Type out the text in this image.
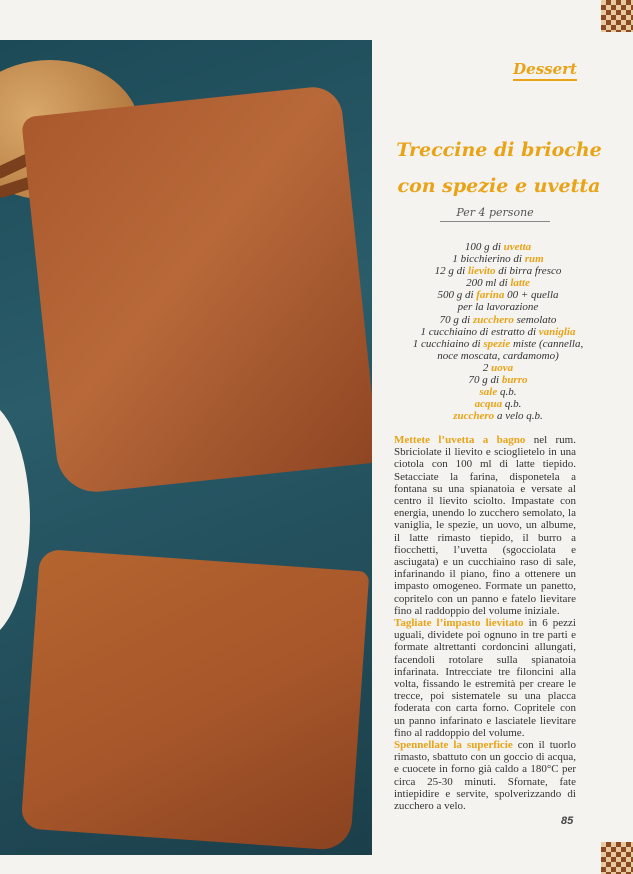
Dessert
Treccine di brioche
con spezie e uvetta
Per 4 persone
100 g di uvetta
1 bicchierino di rum
12 g di lievito di birra fresco
200 ml di latte
500 g di farina 00 + quella
per la lavorazione
70 g di zucchero semolato
1 cucchiaino di estratto di vaniglia
1 cucchiaino di spezie miste (cannella,
noce moscata, cardamomo)
2 uova
70 g di burro
sale q.b.
acqua q.b.
zucchero a velo q.b.
Mettete l’uvetta a bagno nel rum. Sbriciolate il lievito e scioglietelo in una ciotola con 100 ml di latte tiepido. Setacciate la farina, disponetela a fontana su una spianatoia e versate al centro il lievito sciolto. Impastate con energia, unendo lo zucchero semolato, la vaniglia, le spezie, un uovo, un albume, il latte rimasto tiepido, il burro a fiocchetti, l’uvetta (sgocciolata e asciugata) e un cucchiaino raso di sale, infarinando il piano, fino a ottenere un impasto omogeneo. Formate un panetto, copritelo con un panno e fatelo lievitare fino al raddoppio del volume iniziale.
Tagliate l’impasto lievitato in 6 pezzi uguali, dividete poi ognuno in tre parti e formate altrettanti cordoncini allungati, facendoli rotolare sulla spianatoia infarinata. Intrecciate tre filoncini alla volta, fissando le estremità per creare le trecce, poi sistematele su una placca foderata con carta forno. Copritele con un panno infarinato e lasciatele lievitare fino al raddoppio del volume.
Spennellate la superficie con il tuorlo rimasto, sbattuto con un goccio di acqua, e cuocete in forno già caldo a 180°C per circa 25-30 minuti. Sfornate, fate intiepidire e servite, spolverizzando di zucchero a velo.
85
